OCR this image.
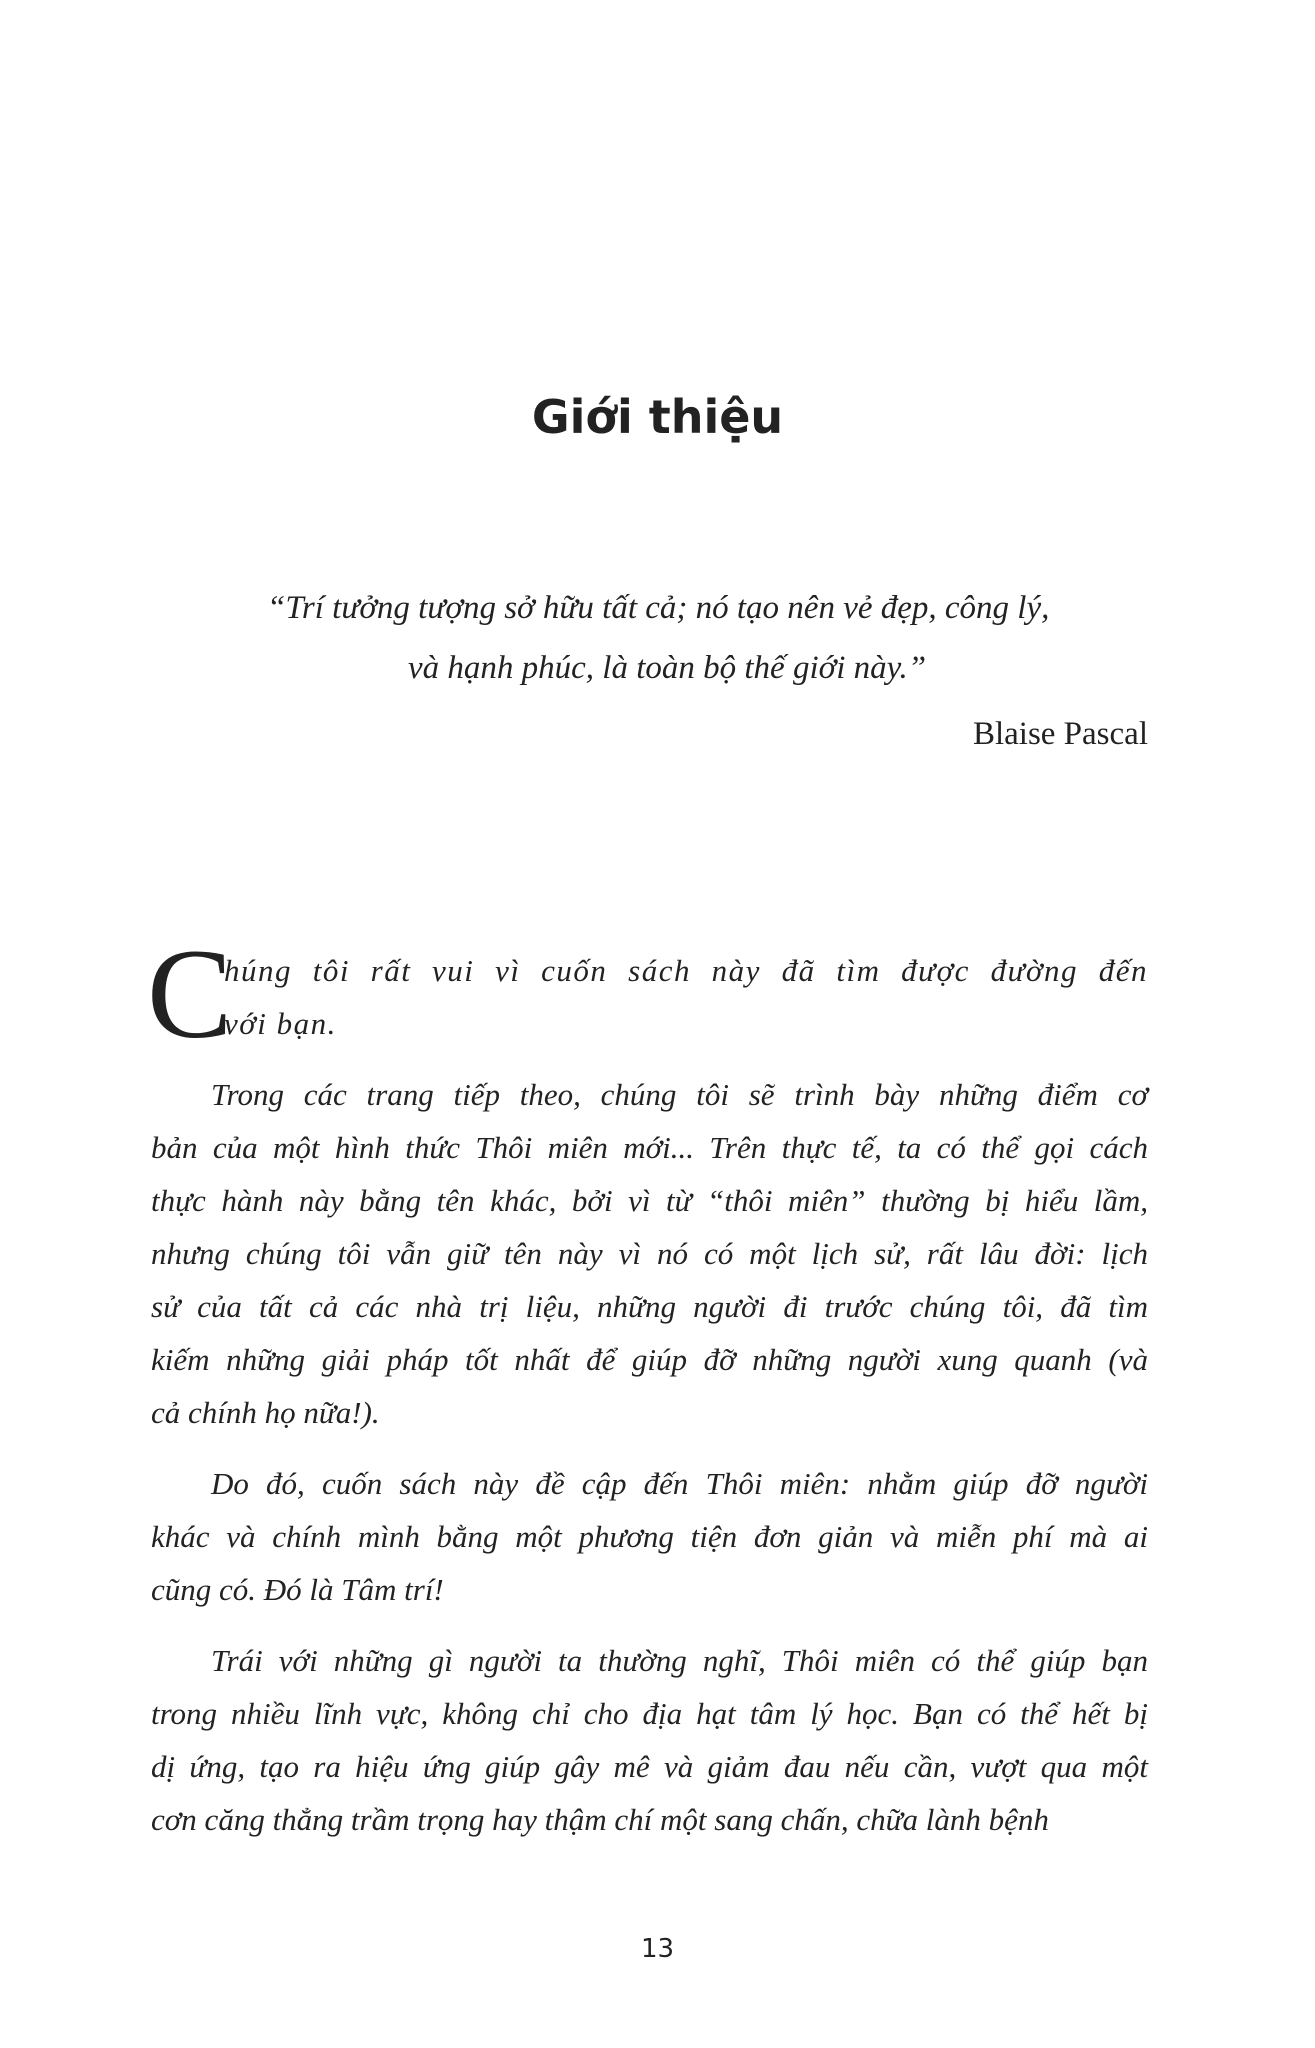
Giới thiệu
“Trí tưởng tượng sở hữu tất cả; nó tạo nên vẻ đẹp, công lý,
và hạnh phúc, là toàn bộ thế giới này.”
Blaise Pascal
C
húng tôi rất vui vì cuốn sách này đã tìm được đường đến
với bạn.
Trong các trang tiếp theo, chúng tôi sẽ trình bày những điểm cơ
bản của một hình thức Thôi miên mới... Trên thực tế, ta có thể gọi cách
thực hành này bằng tên khác, bởi vì từ “thôi miên” thường bị hiểu lầm,
nhưng chúng tôi vẫn giữ tên này vì nó có một lịch sử, rất lâu đời: lịch
sử của tất cả các nhà trị liệu, những người đi trước chúng tôi, đã tìm
kiếm những giải pháp tốt nhất để giúp đỡ những người xung quanh (và
cả chính họ nữa!).
Do đó, cuốn sách này đề cập đến Thôi miên: nhằm giúp đỡ người
khác và chính mình bằng một phương tiện đơn giản và miễn phí mà ai
cũng có. Đó là Tâm trí!
Trái với những gì người ta thường nghĩ, Thôi miên có thể giúp bạn
trong nhiều lĩnh vực, không chỉ cho địa hạt tâm lý học. Bạn có thể hết bị
dị ứng, tạo ra hiệu ứng giúp gây mê và giảm đau nếu cần, vượt qua một
cơn căng thẳng trầm trọng hay thậm chí một sang chấn, chữa lành bệnh
13
